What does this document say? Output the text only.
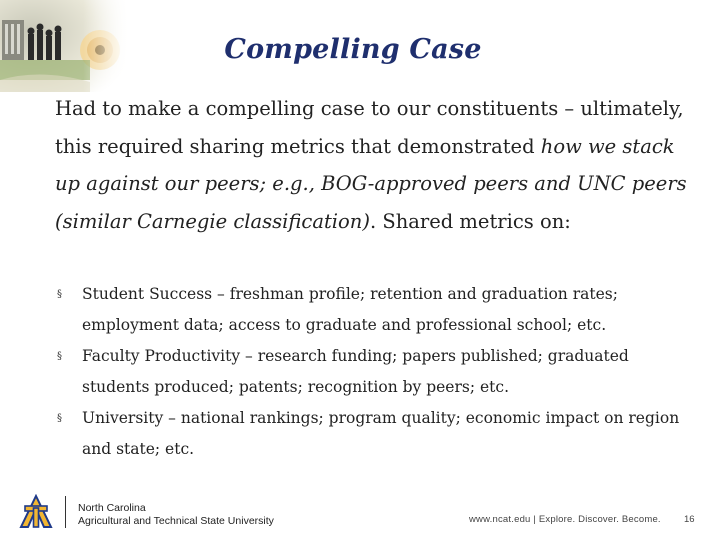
Compelling Case
Had to make a compelling case to our constituents – ultimately, this required sharing metrics that demonstrated how we stack up against our peers; e.g., BOG-approved peers and UNC peers (similar Carnegie classification). Shared metrics on:
§ Student Success – freshman profile; retention and graduation rates; employment data; access to graduate and professional school; etc.
§ Faculty Productivity – research funding; papers published; graduated students produced; patents; recognition by peers; etc.
§ University – national rankings; program quality; economic impact on region and state; etc.
North Carolina
Agricultural and Technical State University	www.ncat.edu | Explore. Discover. Become. 16
